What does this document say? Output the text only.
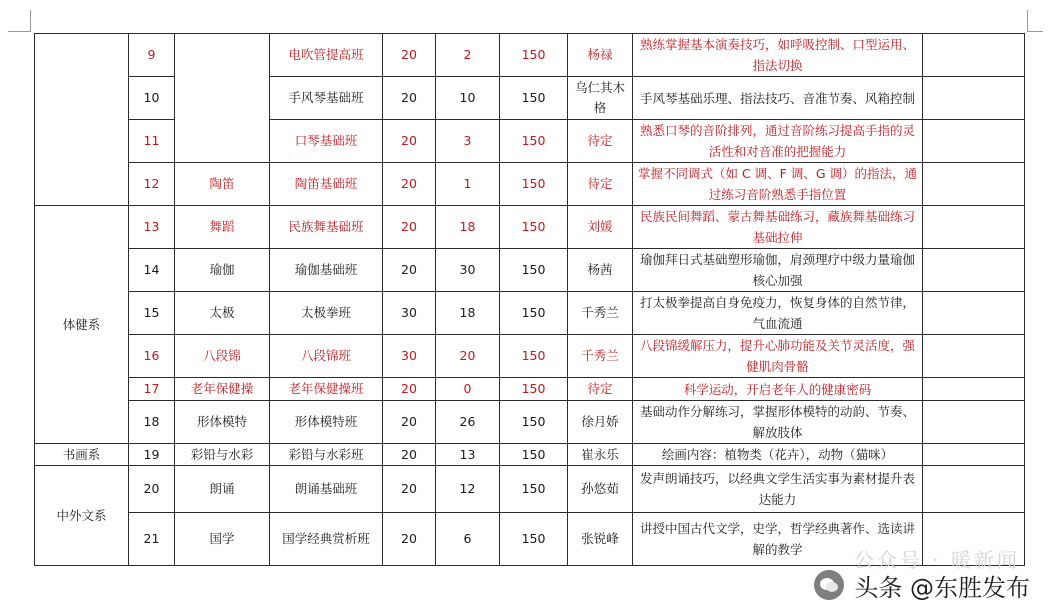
	9		电吹管提高班	20	2	150	杨禄	熟练掌握基本演奏技巧，如呼吸控制、口型运用、指法切换	
	10		手风琴基础班	20	10	150	乌仁其木格	手风琴基础乐理、指法技巧、音准节奏、风箱控制	
	11		口琴基础班	20	3	150	待定	熟悉口琴的音阶排列，通过音阶练习提高手指的灵活性和对音准的把握能力	
	12	陶笛	陶笛基础班	20	1	150	待定	掌握不同调式（如 C 调、F 调、G 调）的指法，通过练习音阶熟悉手指位置	
体健系	13	舞蹈	民族舞基础班	20	18	150	刘媛	民族民间舞蹈、蒙古舞基础练习，藏族舞基础练习基础拉伸	
	14	瑜伽	瑜伽基础班	20	30	150	杨茜	瑜伽拜日式基础塑形瑜伽，肩颈理疗中级力量瑜伽核心加强	
	15	太极	太极拳班	30	18	150	千秀兰	打太极拳提高自身免疫力，恢复身体的自然节律，气血流通	
	16	八段锦	八段锦班	30	20	150	千秀兰	八段锦缓解压力，提升心肺功能及关节灵活度，强健肌肉骨骼	
	17	老年保健操	老年保健操班	20	0	150	待定	科学运动，开启老年人的健康密码	
	18	形体模特	形体模特班	20	26	150	徐月娇	基础动作分解练习，掌握形体模特的动韵、节奏、解放肢体	
书画系	19	彩铅与水彩	彩铅与水彩班	20	13	150	崔永乐	绘画内容：植物类（花卉），动物（猫咪）	
中外文系	20	朗诵	朗诵基础班	20	12	150	孙悠茹	发声朗诵技巧，以经典文学生活实事为素材提升表达能力	
	21	国学	国学经典赏析班	20	6	150	张锐峰	讲授中国古代文学，史学，哲学经典著作、选读讲解的教学		公众号 · 暖新闻
头条 @东胜发布
